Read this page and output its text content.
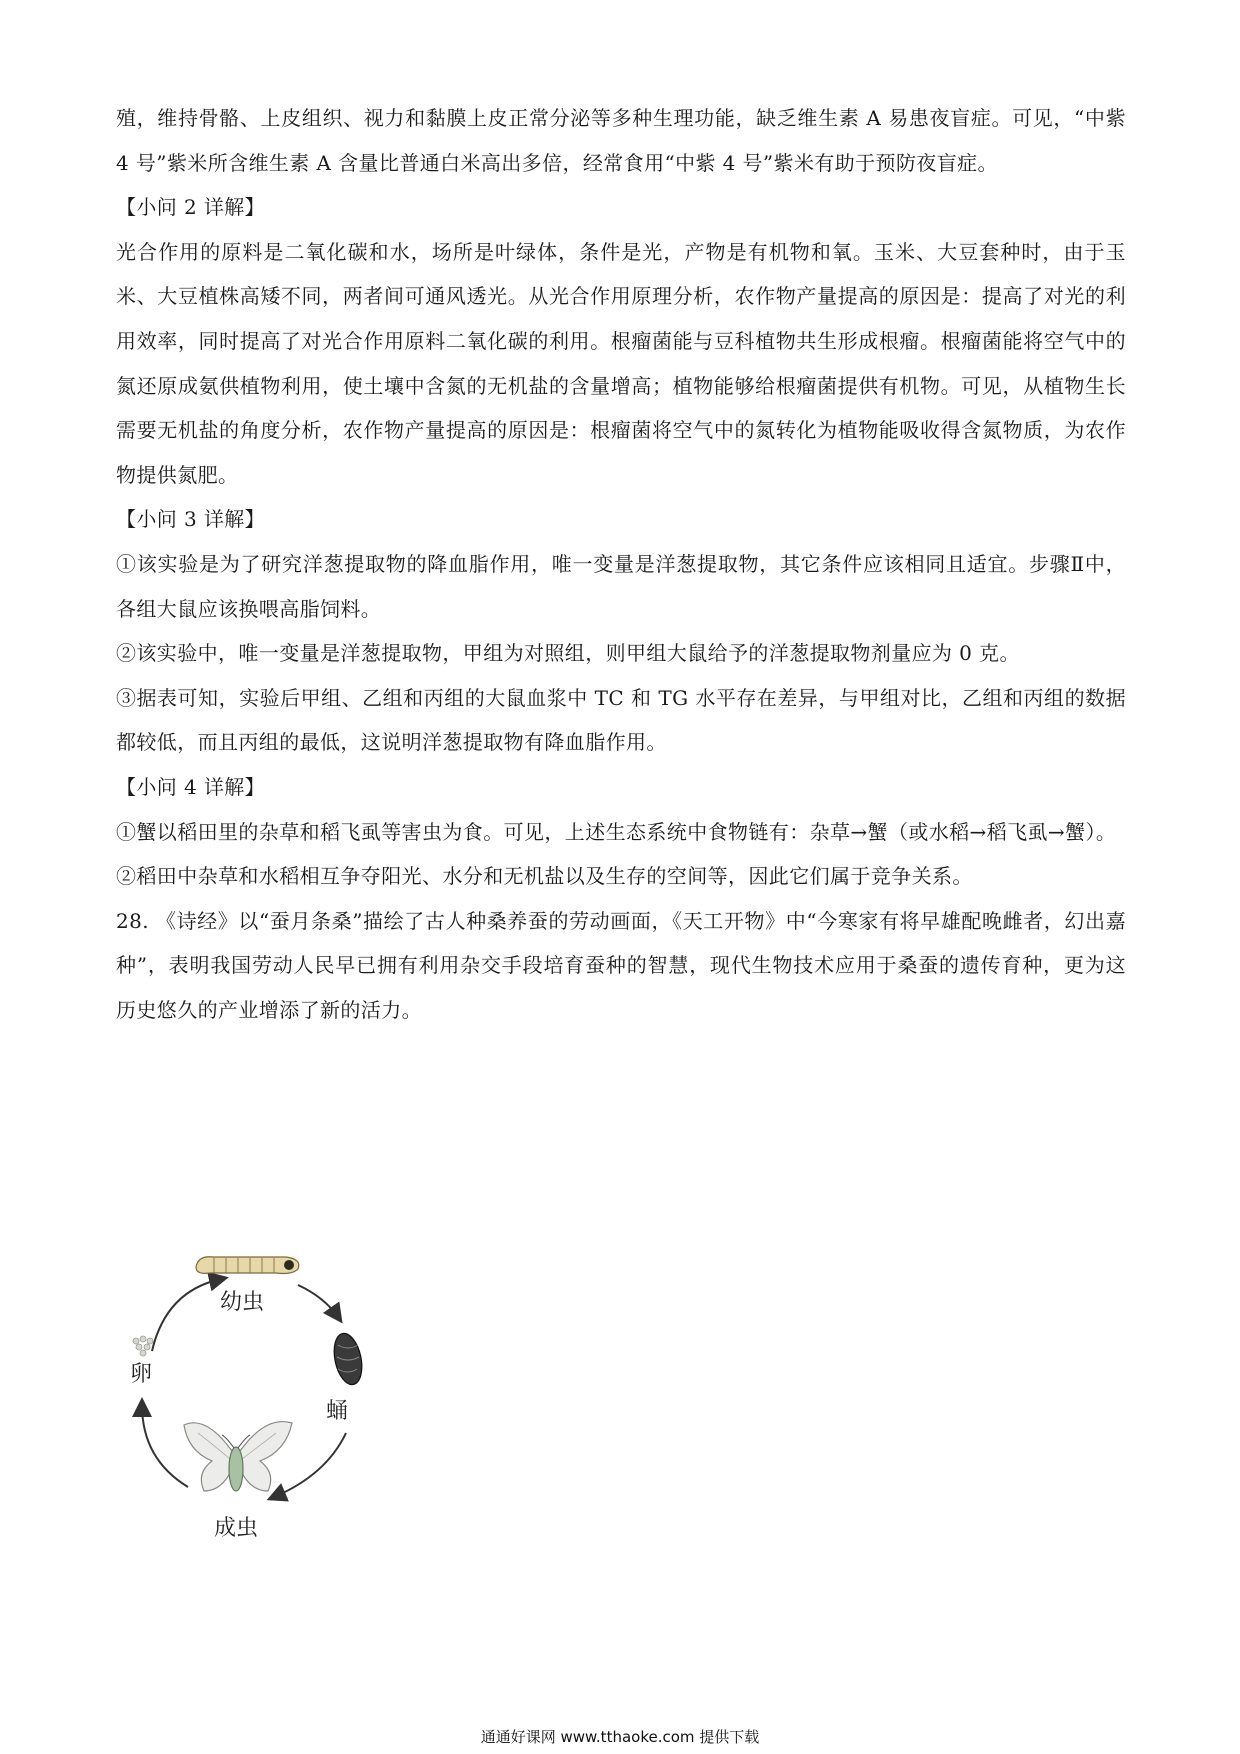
殖，维持骨骼、上皮组织、视力和黏膜上皮正常分泌等多种生理功能，缺乏维生素 A 易患夜盲症。可见，“中紫 4 号”紫米所含维生素 A 含量比普通白米高出多倍，经常食用“中紫 4 号”紫米有助于预防夜盲症。

【小问 2 详解】

光合作用的原料是二氧化碳和水，场所是叶绿体，条件是光，产物是有机物和氧。玉米、大豆套种时，由于玉米、大豆植株高矮不同，两者间可通风透光。从光合作用原理分析，农作物产量提高的原因是：提高了对光的利用效率，同时提高了对光合作用原料二氧化碳的利用。根瘤菌能与豆科植物共生形成根瘤。根瘤菌能将空气中的氮还原成氨供植物利用，使土壤中含氮的无机盐的含量增高；植物能够给根瘤菌提供有机物。可见，从植物生长需要无机盐的角度分析，农作物产量提高的原因是：根瘤菌将空气中的氮转化为植物能吸收得含氮物质，为农作物提供氮肥。

【小问 3 详解】

①该实验是为了研究洋葱提取物的降血脂作用，唯一变量是洋葱提取物，其它条件应该相同且适宜。步骤Ⅱ中，各组大鼠应该换喂高脂饲料。

②该实验中，唯一变量是洋葱提取物，甲组为对照组，则甲组大鼠给予的洋葱提取物剂量应为 0 克。

③据表可知，实验后甲组、乙组和丙组的大鼠血浆中 TC 和 TG 水平存在差异，与甲组对比，乙组和丙组的数据都较低，而且丙组的最低，这说明洋葱提取物有降血脂作用。

【小问 4 详解】

①蟹以稻田里的杂草和稻飞虱等害虫为食。可见，上述生态系统中食物链有：杂草→蟹（或水稻→稻飞虱→蟹）。

②稻田中杂草和水稻相互争夺阳光、水分和无机盐以及生存的空间等，因此它们属于竞争关系。

28. 《诗经》以“蚕月条桑”描绘了古人种桑养蚕的劳动画面，《天工开物》中“今寒家有将早雄配晚雌者，幻出嘉种”，表明我国劳动人民早已拥有利用杂交手段培育蚕种的智慧，现代生物技术应用于桑蚕的遗传育种，更为这历史悠久的产业增添了新的活力。

幼虫
蛹
卵
成虫
通通好课网 www.tthaoke.com 提供下载
